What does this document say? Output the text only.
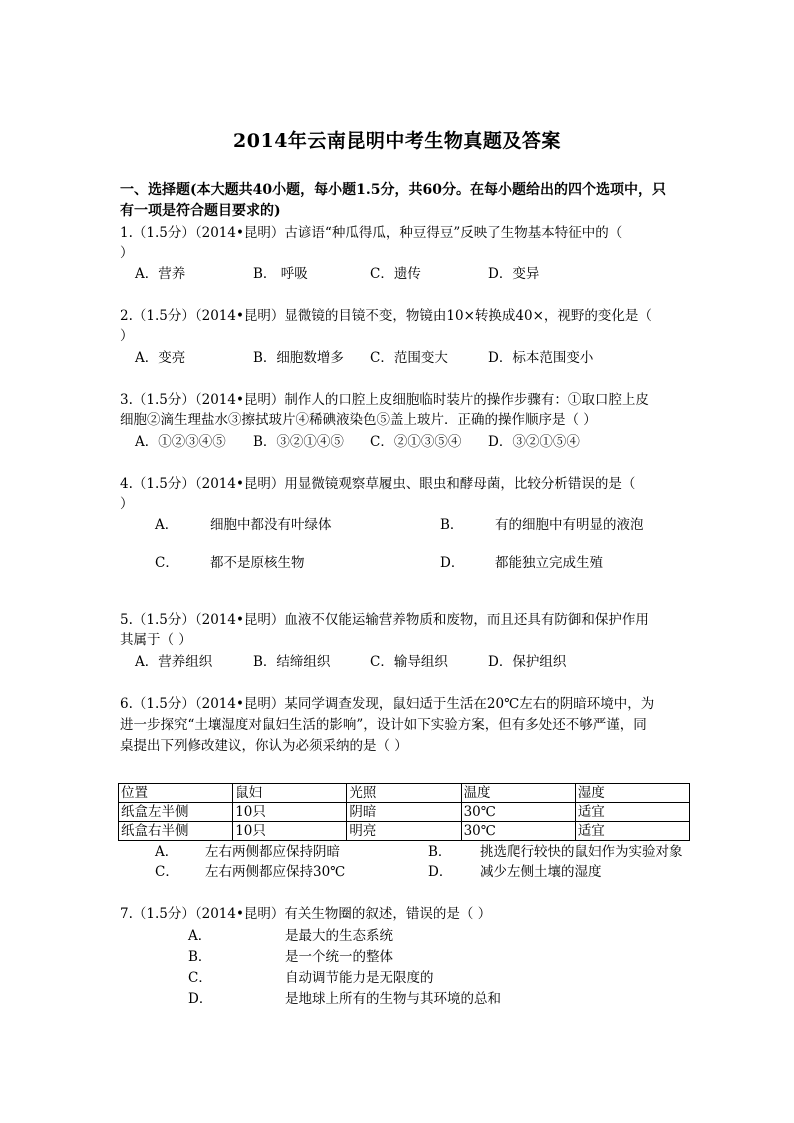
2014年云南昆明中考生物真题及答案
一、选择题(本大题共40小题，每小题1.5分，共60分。在每小题给出的四个选项中，只
有一项是符合题目要求的)
1.（1.5分）（2014•昆明）古谚语“种瓜得瓜，种豆得豆”反映了生物基本特征中的（
）
A．营养	B． 呼吸	C．遗传	D．变异
2.（1.5分）（2014•昆明）显微镜的目镜不变，物镜由10×转换成40×，视野的变化是（
）
A．变亮	B．细胞数增多 C．范围变大	D．标本范围变小
3.（1.5分）（2014•昆明）制作人的口腔上皮细胞临时装片的操作步骤有：①取口腔上皮
细胞②滴生理盐水③擦拭玻片④稀碘液染色⑤盖上玻片．正确的操作顺序是（ ）
A．①②③④⑤ B．③②①④⑤ C．②①③⑤④ D．③②①⑤④
4.（1.5分）（2014•昆明）用显微镜观察草履虫、眼虫和酵母菌，比较分析错误的是（
）
A． 细胞中都没有叶绿体	B． 有的细胞中有明显的液泡
C． 都不是原核生物	D． 都能独立完成生殖
5.（1.5分）（2014•昆明）血液不仅能运输营养物质和废物，而且还具有防御和保护作用
其属于（ ）
A．营养组织	B．结缔组织	C．输导组织	D．保护组织
6.（1.5分）（2014•昆明）某同学调查发现，鼠妇适于生活在20℃左右的阴暗环境中，为
进一步探究“土壤湿度对鼠妇生活的影响”，设计如下实验方案，但有多处还不够严谨，同
桌提出下列修改建议，你认为必须采纳的是（ ）
位置	鼠妇	光照	温度	湿度
纸盒左半侧	10只	阴暗	30℃	适宜
纸盒右半侧	10只	明亮	30℃	适宜
A． 左右两侧都应保持阴暗	B． 挑选爬行较快的鼠妇作为实验对象
C． 左右两侧都应保持30℃	D． 减少左侧土壤的湿度
7.（1.5分）（2014•昆明）有关生物圈的叙述，错误的是（ ）
A．	是最大的生态系统
B．	是一个统一的整体
C．	自动调节能力是无限度的
D．	是地球上所有的生物与其环境的总和
